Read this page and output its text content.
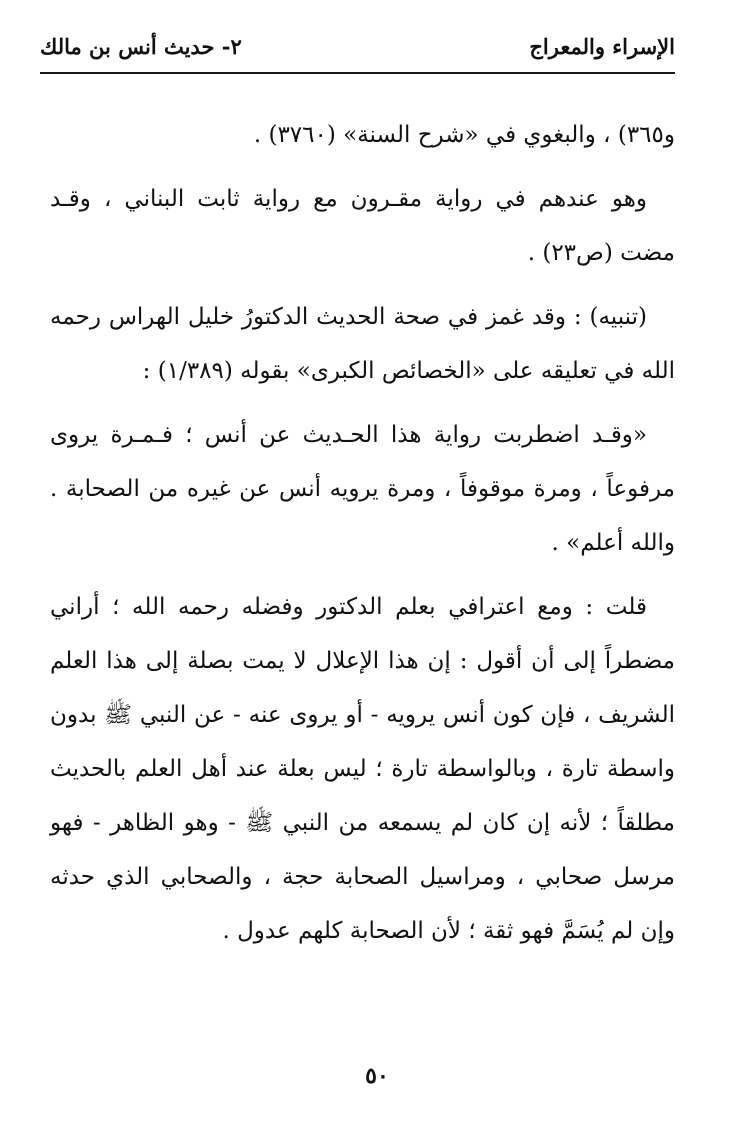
الإسراء والمعراج
٢- حديث أنس بن مالك

و٣٦٥) ، والبغوي في «شرح السنة» (٣٧٦٠) .

وهو عندهم في رواية مقـرون مع رواية ثابت البناني ، وقـد مضت (ص٢٣) .

(تنبيه) : وقد غمز في صحة الحديث الدكتورُ خليل الهراس رحمه الله في تعليقه على «الخصائص الكبرى» بقوله (١/٣٨٩) :

«وقـد اضطربت رواية هذا الحـديث عن أنس ؛ فـمـرة يروى مرفوعاً ، ومرة موقوفاً ، ومرة يرويه أنس عن غيره من الصحابة . والله أعلم» .

قلت : ومع اعترافي بعلم الدكتور وفضله رحمه الله ؛ أراني مضطراً إلى أن أقول : إن هذا الإعلال لا يمت بصلة إلى هذا العلم الشريف ، فإن كون أنس يرويه - أو يروى عنه - عن النبي ﷺ بدون واسطة تارة ، وبالواسطة تارة ؛ ليس بعلة عند أهل العلم بالحديث مطلقاً ؛ لأنه إن كان لم يسمعه من النبي ﷺ - وهو الظاهر - فهو مرسل صحابي ، ومراسيل الصحابة حجة ، والصحابي الذي حدثه وإن لم يُسَمَّ فهو ثقة ؛ لأن الصحابة كلهم عدول .

٥٠
